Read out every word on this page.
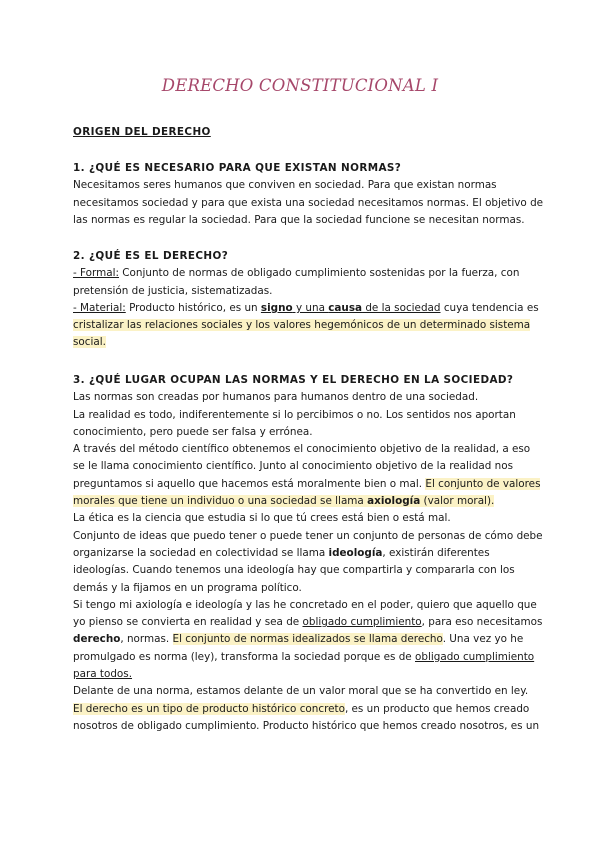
DERECHO CONSTITUCIONAL I
ORIGEN DEL DERECHO
1. ¿QUÉ ES NECESARIO PARA QUE EXISTAN NORMAS?
Necesitamos seres humanos que conviven en sociedad. Para que existan normas
necesitamos sociedad y para que exista una sociedad necesitamos normas. El objetivo de
las normas es regular la sociedad. Para que la sociedad funcione se necesitan normas.
2. ¿QUÉ ES EL DERECHO?
- Formal: Conjunto de normas de obligado cumplimiento sostenidas por la fuerza, con
pretensión de justicia, sistematizadas.
- Material: Producto histórico, es un signo y una causa de la sociedad cuya tendencia es
cristalizar las relaciones sociales y los valores hegemónicos de un determinado sistema
social.
3. ¿QUÉ LUGAR OCUPAN LAS NORMAS Y EL DERECHO EN LA SOCIEDAD?
Las normas son creadas por humanos para humanos dentro de una sociedad.
La realidad es todo, indiferentemente si lo percibimos o no. Los sentidos nos aportan
conocimiento, pero puede ser falsa y errónea.
A través del método científico obtenemos el conocimiento objetivo de la realidad, a eso
se le llama conocimiento científico. Junto al conocimiento objetivo de la realidad nos
preguntamos si aquello que hacemos está moralmente bien o mal. El conjunto de valores
morales que tiene un individuo o una sociedad se llama axiología (valor moral).
La ética es la ciencia que estudia si lo que tú crees está bien o está mal.
Conjunto de ideas que puedo tener o puede tener un conjunto de personas de cómo debe
organizarse la sociedad en colectividad se llama ideología, existirán diferentes
ideologías. Cuando tenemos una ideología hay que compartirla y compararla con los
demás y la fijamos en un programa político.
Si tengo mi axiología e ideología y las he concretado en el poder, quiero que aquello que
yo pienso se convierta en realidad y sea de obligado cumplimiento, para eso necesitamos
derecho, normas. El conjunto de normas idealizados se llama derecho. Una vez yo he
promulgado es norma (ley), transforma la sociedad porque es de obligado cumplimiento
para todos.
Delante de una norma, estamos delante de un valor moral que se ha convertido en ley.
El derecho es un tipo de producto histórico concreto, es un producto que hemos creado
nosotros de obligado cumplimiento. Producto histórico que hemos creado nosotros, es un
